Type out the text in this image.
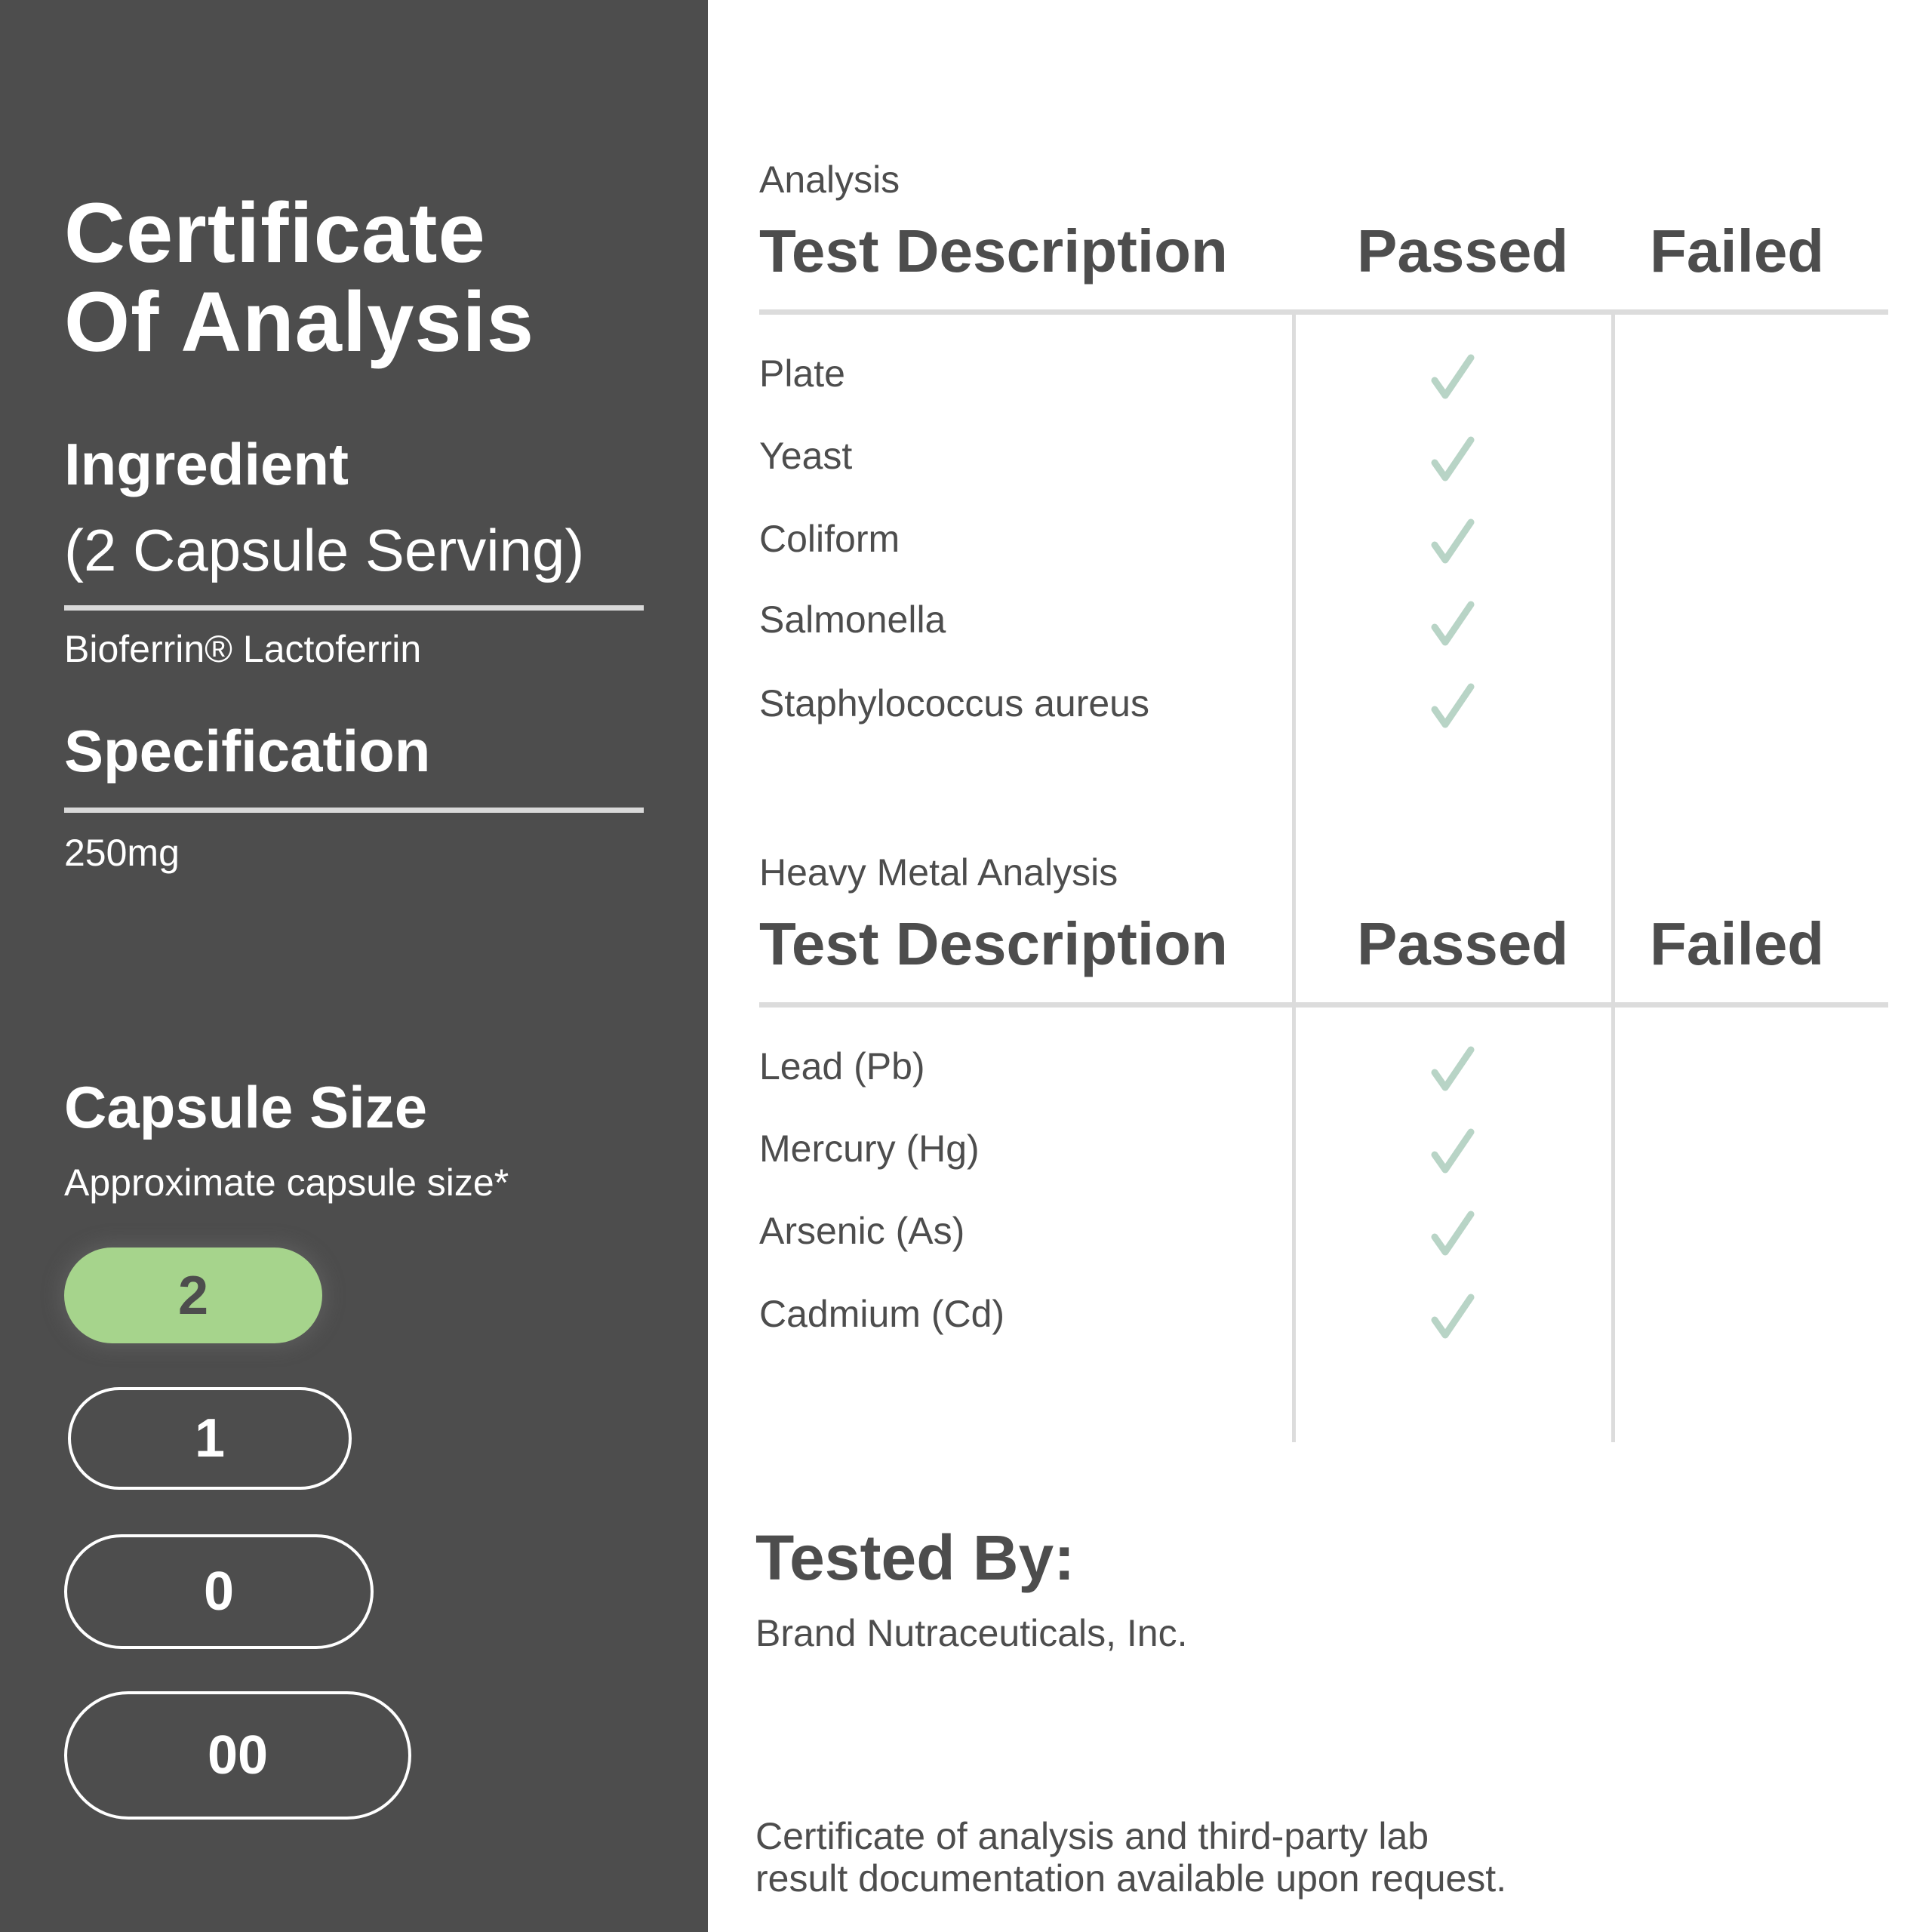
Certificate
Of Analysis
Ingredient
(2 Capsule Serving)
Bioferrin® Lactoferrin
Specification
250mg
Capsule Size
Approximate capsule size*
2
1
0
00
Analysis
Test Description Passed Failed
Plate
Yeast
Coliform
Salmonella
Staphylococcus aureus
Heavy Metal Analysis
Test Description Passed Failed
Lead (Pb)
Mercury (Hg)
Arsenic (As)
Cadmium (Cd)
Tested By:
Brand Nutraceuticals, Inc.
Certificate of analysis and third-party lab
result documentation available upon request.
